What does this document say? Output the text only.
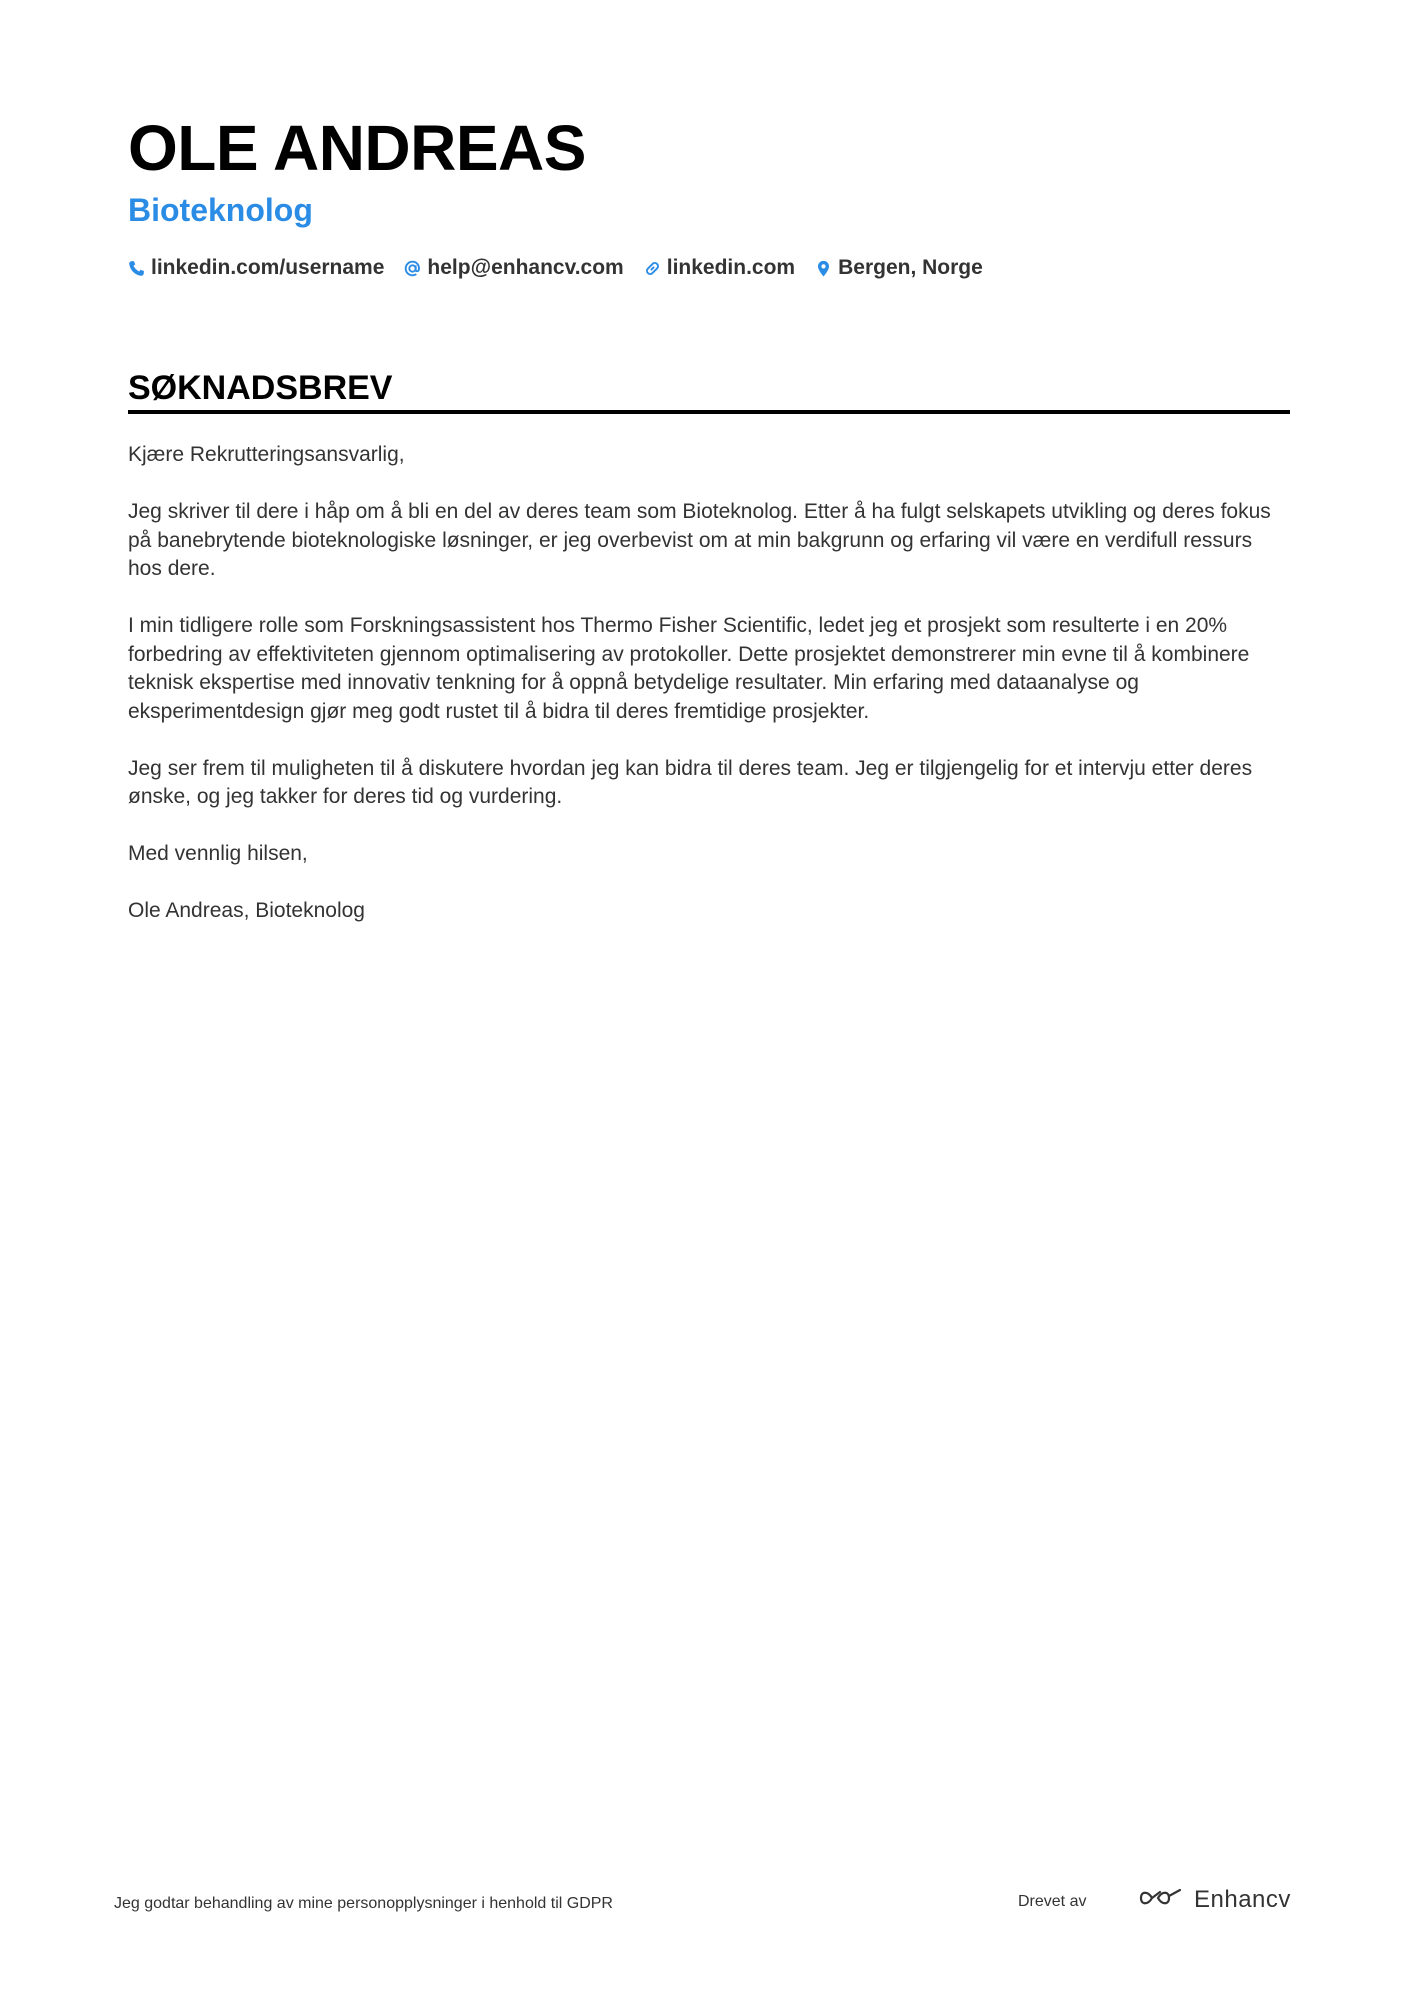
OLE ANDREAS
Bioteknolog
linkedin.com/username help@enhancv.com linkedin.com Bergen, Norge
SØKNADSBREV

Kjære Rekrutteringsansvarlig,

Jeg skriver til dere i håp om å bli en del av deres team som Bioteknolog. Etter å ha fulgt selskapets utvikling og deres fokus på banebrytende bioteknologiske løsninger, er jeg overbevist om at min bakgrunn og erfaring vil være en verdifull ressurs hos dere.

I min tidligere rolle som Forskningsassistent hos Thermo Fisher Scientific, ledet jeg et prosjekt som resulterte i en 20% forbedring av effektiviteten gjennom optimalisering av protokoller. Dette prosjektet demonstrerer min evne til å kombinere teknisk ekspertise med innovativ tenkning for å oppnå betydelige resultater. Min erfaring med dataanalyse og eksperimentdesign gjør meg godt rustet til å bidra til deres fremtidige prosjekter.

Jeg ser frem til muligheten til å diskutere hvordan jeg kan bidra til deres team. Jeg er tilgjengelig for et intervju etter deres ønske, og jeg takker for deres tid og vurdering.

Med vennlig hilsen,

Ole Andreas, Bioteknolog

Jeg godtar behandling av mine personopplysninger i henhold til GDPR	Drevet av	Enhancv
